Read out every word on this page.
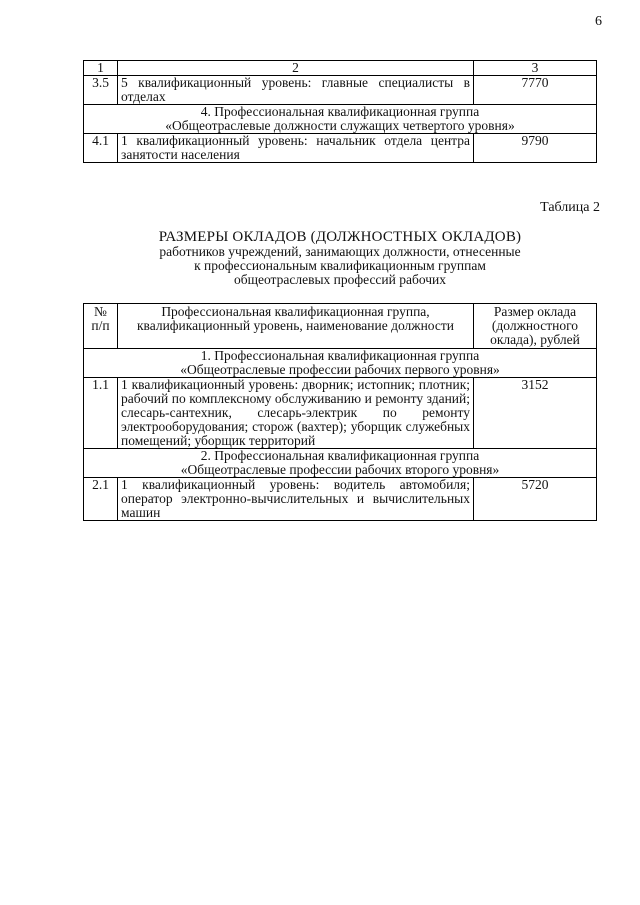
6
1	2	3
3.5	5 квалификационный уровень: главные специалисты в отделах	7770

4. Профессиональная квалификационная группа
«Общеотраслевые должности служащих четвертого уровня»		

4.1	1 квалификационный уровень: начальник отдела центра занятости населения	9790
Таблица 2
РАЗМЕРЫ ОКЛАДОВ (ДОЛЖНОСТНЫХ ОКЛАДОВ)
работников учреждений, занимающих должности, отнесенные
к профессиональным квалификационным группам
общеотраслевых профессий рабочих
№ п/п	Профессиональная квалификационная группа, квалификационный уровень, наименование должности	Размер оклада (должностного оклада), рублей

1. Профессиональная квалификационная группа
«Общеотраслевые профессии рабочих первого уровня»		

1.1	1 квалификационный уровень: дворник; истопник; плотник; рабочий по комплексному обслуживанию и ремонту зданий; слесарь-сантехник, слесарь-электрик по ремонту электрооборудования; сторож (вахтер); уборщик служебных помещений; уборщик территорий	3152

2. Профессиональная квалификационная группа
«Общеотраслевые профессии рабочих второго уровня»		

2.1	1 квалификационный уровень: водитель автомобиля; оператор электронно-вычислительных и вычислительных машин	5720
